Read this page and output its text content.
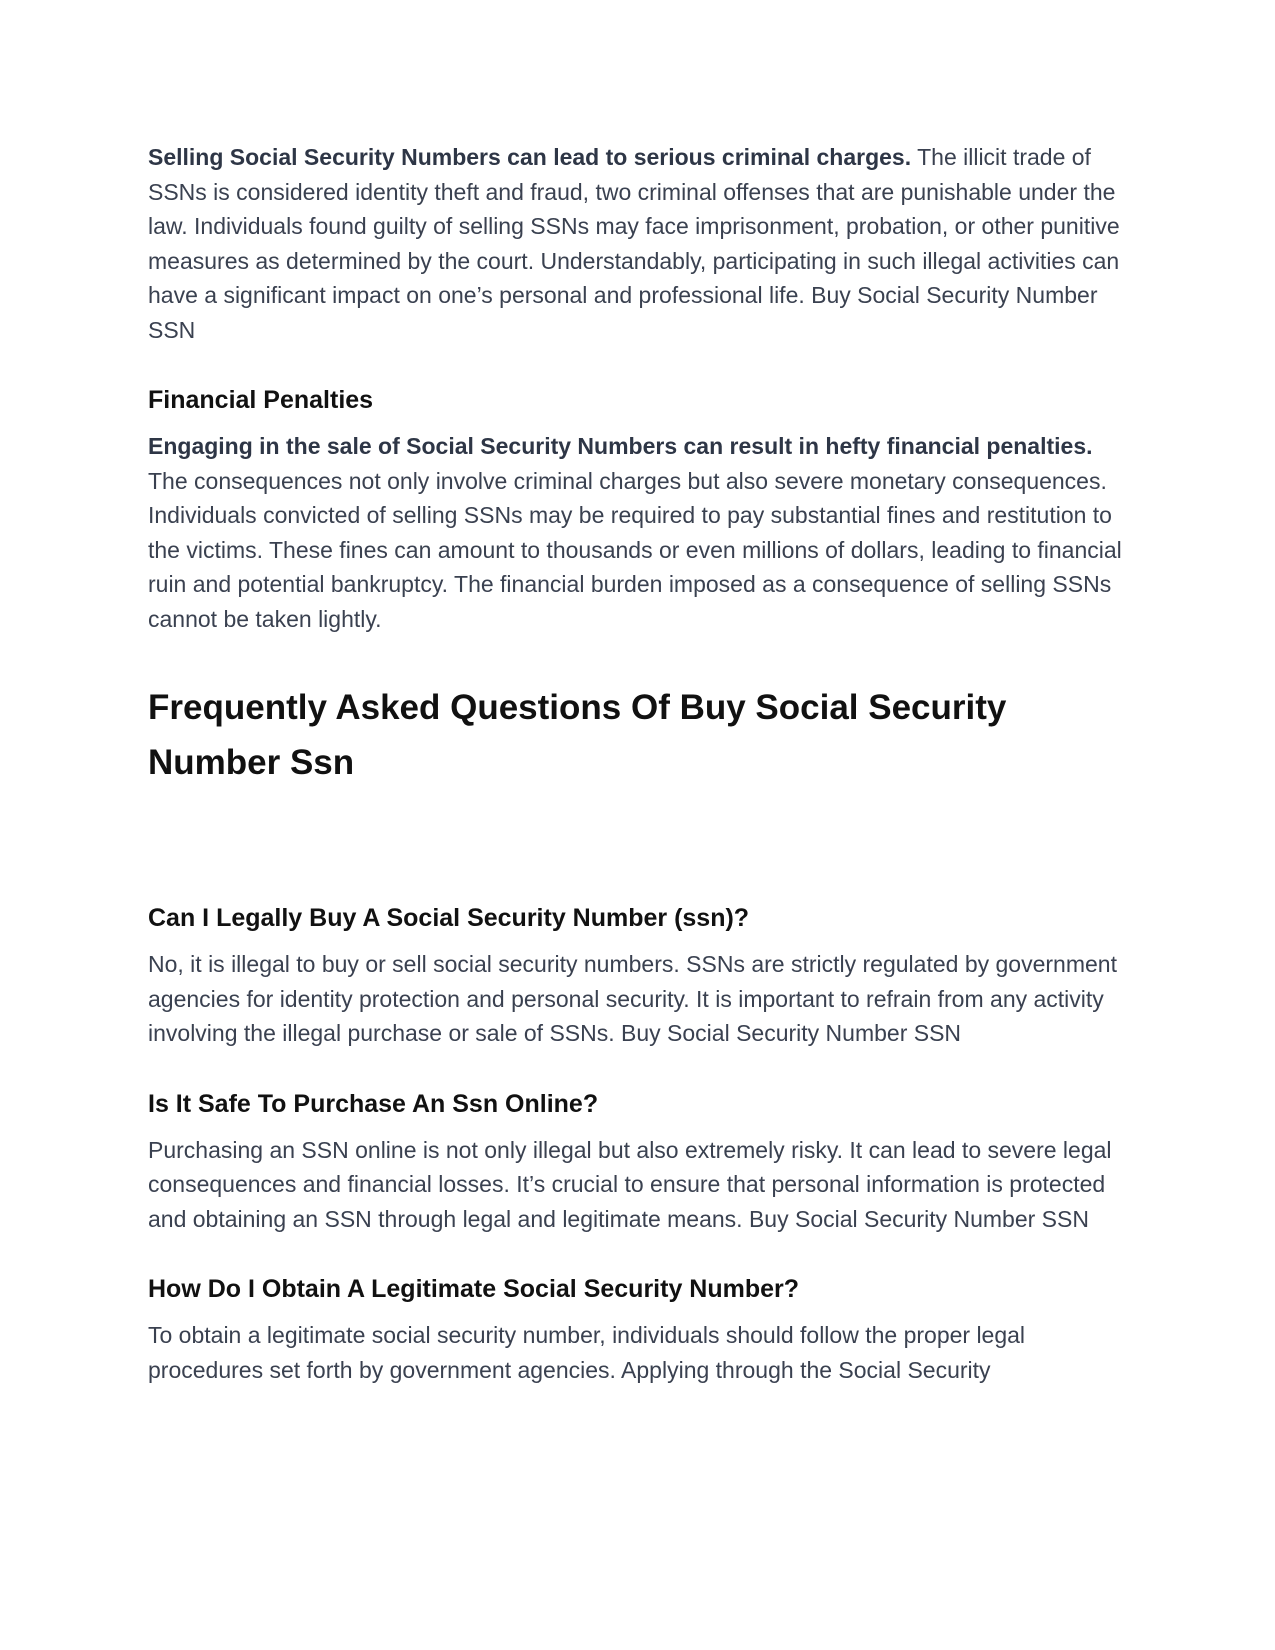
Selling Social Security Numbers can lead to serious criminal charges. The illicit trade of SSNs is considered identity theft and fraud, two criminal offenses that are punishable under the law. Individuals found guilty of selling SSNs may face imprisonment, probation, or other punitive measures as determined by the court. Understandably, participating in such illegal activities can have a significant impact on one’s personal and professional life. Buy Social Security Number SSN

Financial Penalties

Engaging in the sale of Social Security Numbers can result in hefty financial penalties. The consequences not only involve criminal charges but also severe monetary consequences. Individuals convicted of selling SSNs may be required to pay substantial fines and restitution to the victims. These fines can amount to thousands or even millions of dollars, leading to financial ruin and potential bankruptcy. The financial burden imposed as a consequence of selling SSNs cannot be taken lightly.

Frequently Asked Questions Of Buy Social Security Number Ssn
Can I Legally Buy A Social Security Number (ssn)?

No, it is illegal to buy or sell social security numbers. SSNs are strictly regulated by government agencies for identity protection and personal security. It is important to refrain from any activity involving the illegal purchase or sale of SSNs. Buy Social Security Number SSN

Is It Safe To Purchase An Ssn Online?

Purchasing an SSN online is not only illegal but also extremely risky. It can lead to severe legal consequences and financial losses. It’s crucial to ensure that personal information is protected and obtaining an SSN through legal and legitimate means. Buy Social Security Number SSN

How Do I Obtain A Legitimate Social Security Number?

To obtain a legitimate social security number, individuals should follow the proper legal procedures set forth by government agencies. Applying through the Social Security
